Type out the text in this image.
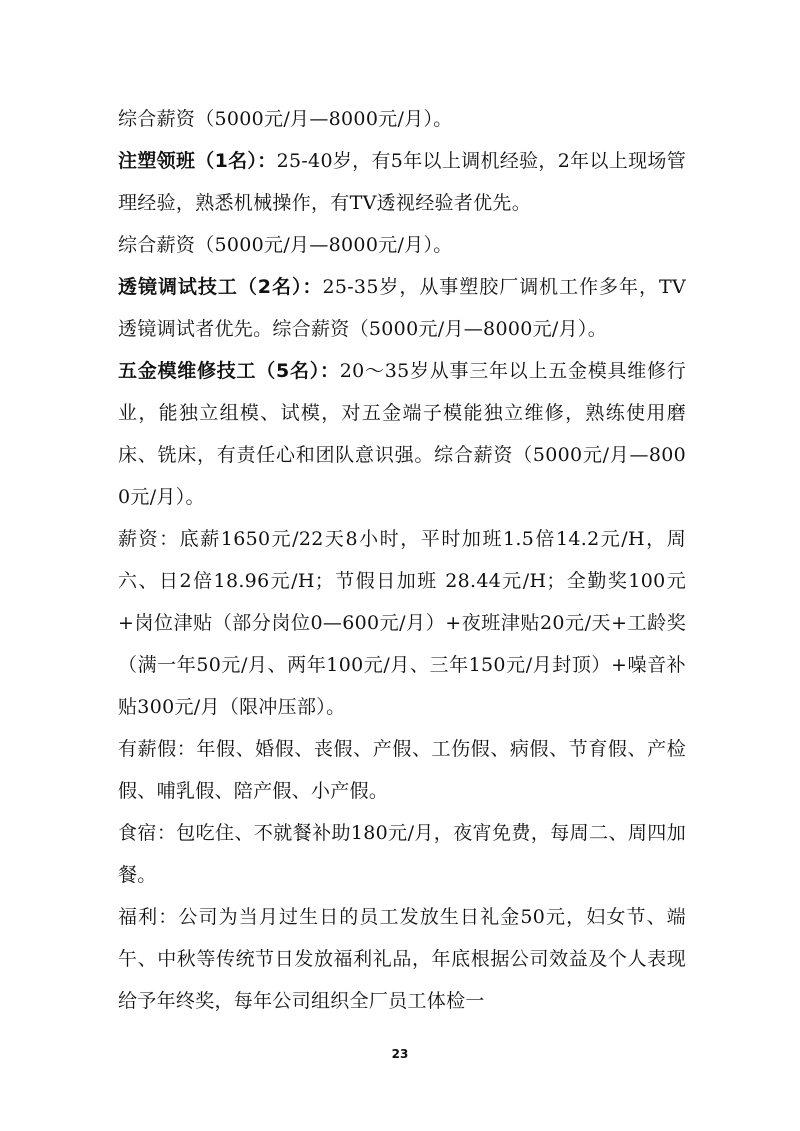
综合薪资（5000元/月—8000元/月）。

注塑领班（1名）：25-40岁，有5年以上调机经验，2年以上现场管理经验，熟悉机械操作，有TV透视经验者优先。

综合薪资（5000元/月—8000元/月）。

透镜调试技工（2名）：25-35岁，从事塑胶厂调机工作多年，TV透镜调试者优先。综合薪资（5000元/月—8000元/月）。

五金模维修技工（5名）：20～35岁从事三年以上五金模具维修行业，能独立组模、试模，对五金端子模能独立维修，熟练使用磨床、铣床，有责任心和团队意识强。综合薪资（5000元/月—8000元/月）。

薪资：底薪1650元/22天8小时，平时加班1.5倍14.2元/H，周六、日2倍18.96元/H；节假日加班 28.44元/H；全勤奖100元+岗位津贴（部分岗位0—600元/月）+夜班津贴20元/天+工龄奖（满一年50元/月、两年100元/月、三年150元/月封顶）+噪音补贴300元/月（限冲压部）。

有薪假：年假、婚假、丧假、产假、工伤假、病假、节育假、产检假、哺乳假、陪产假、小产假。

食宿：包吃住、不就餐补助180元/月，夜宵免费，每周二、周四加餐。

福利：公司为当月过生日的员工发放生日礼金50元，妇女节、端午、中秋等传统节日发放福利礼品，年底根据公司效益及个人表现给予年终奖，每年公司组织全厂员工体检一

23
